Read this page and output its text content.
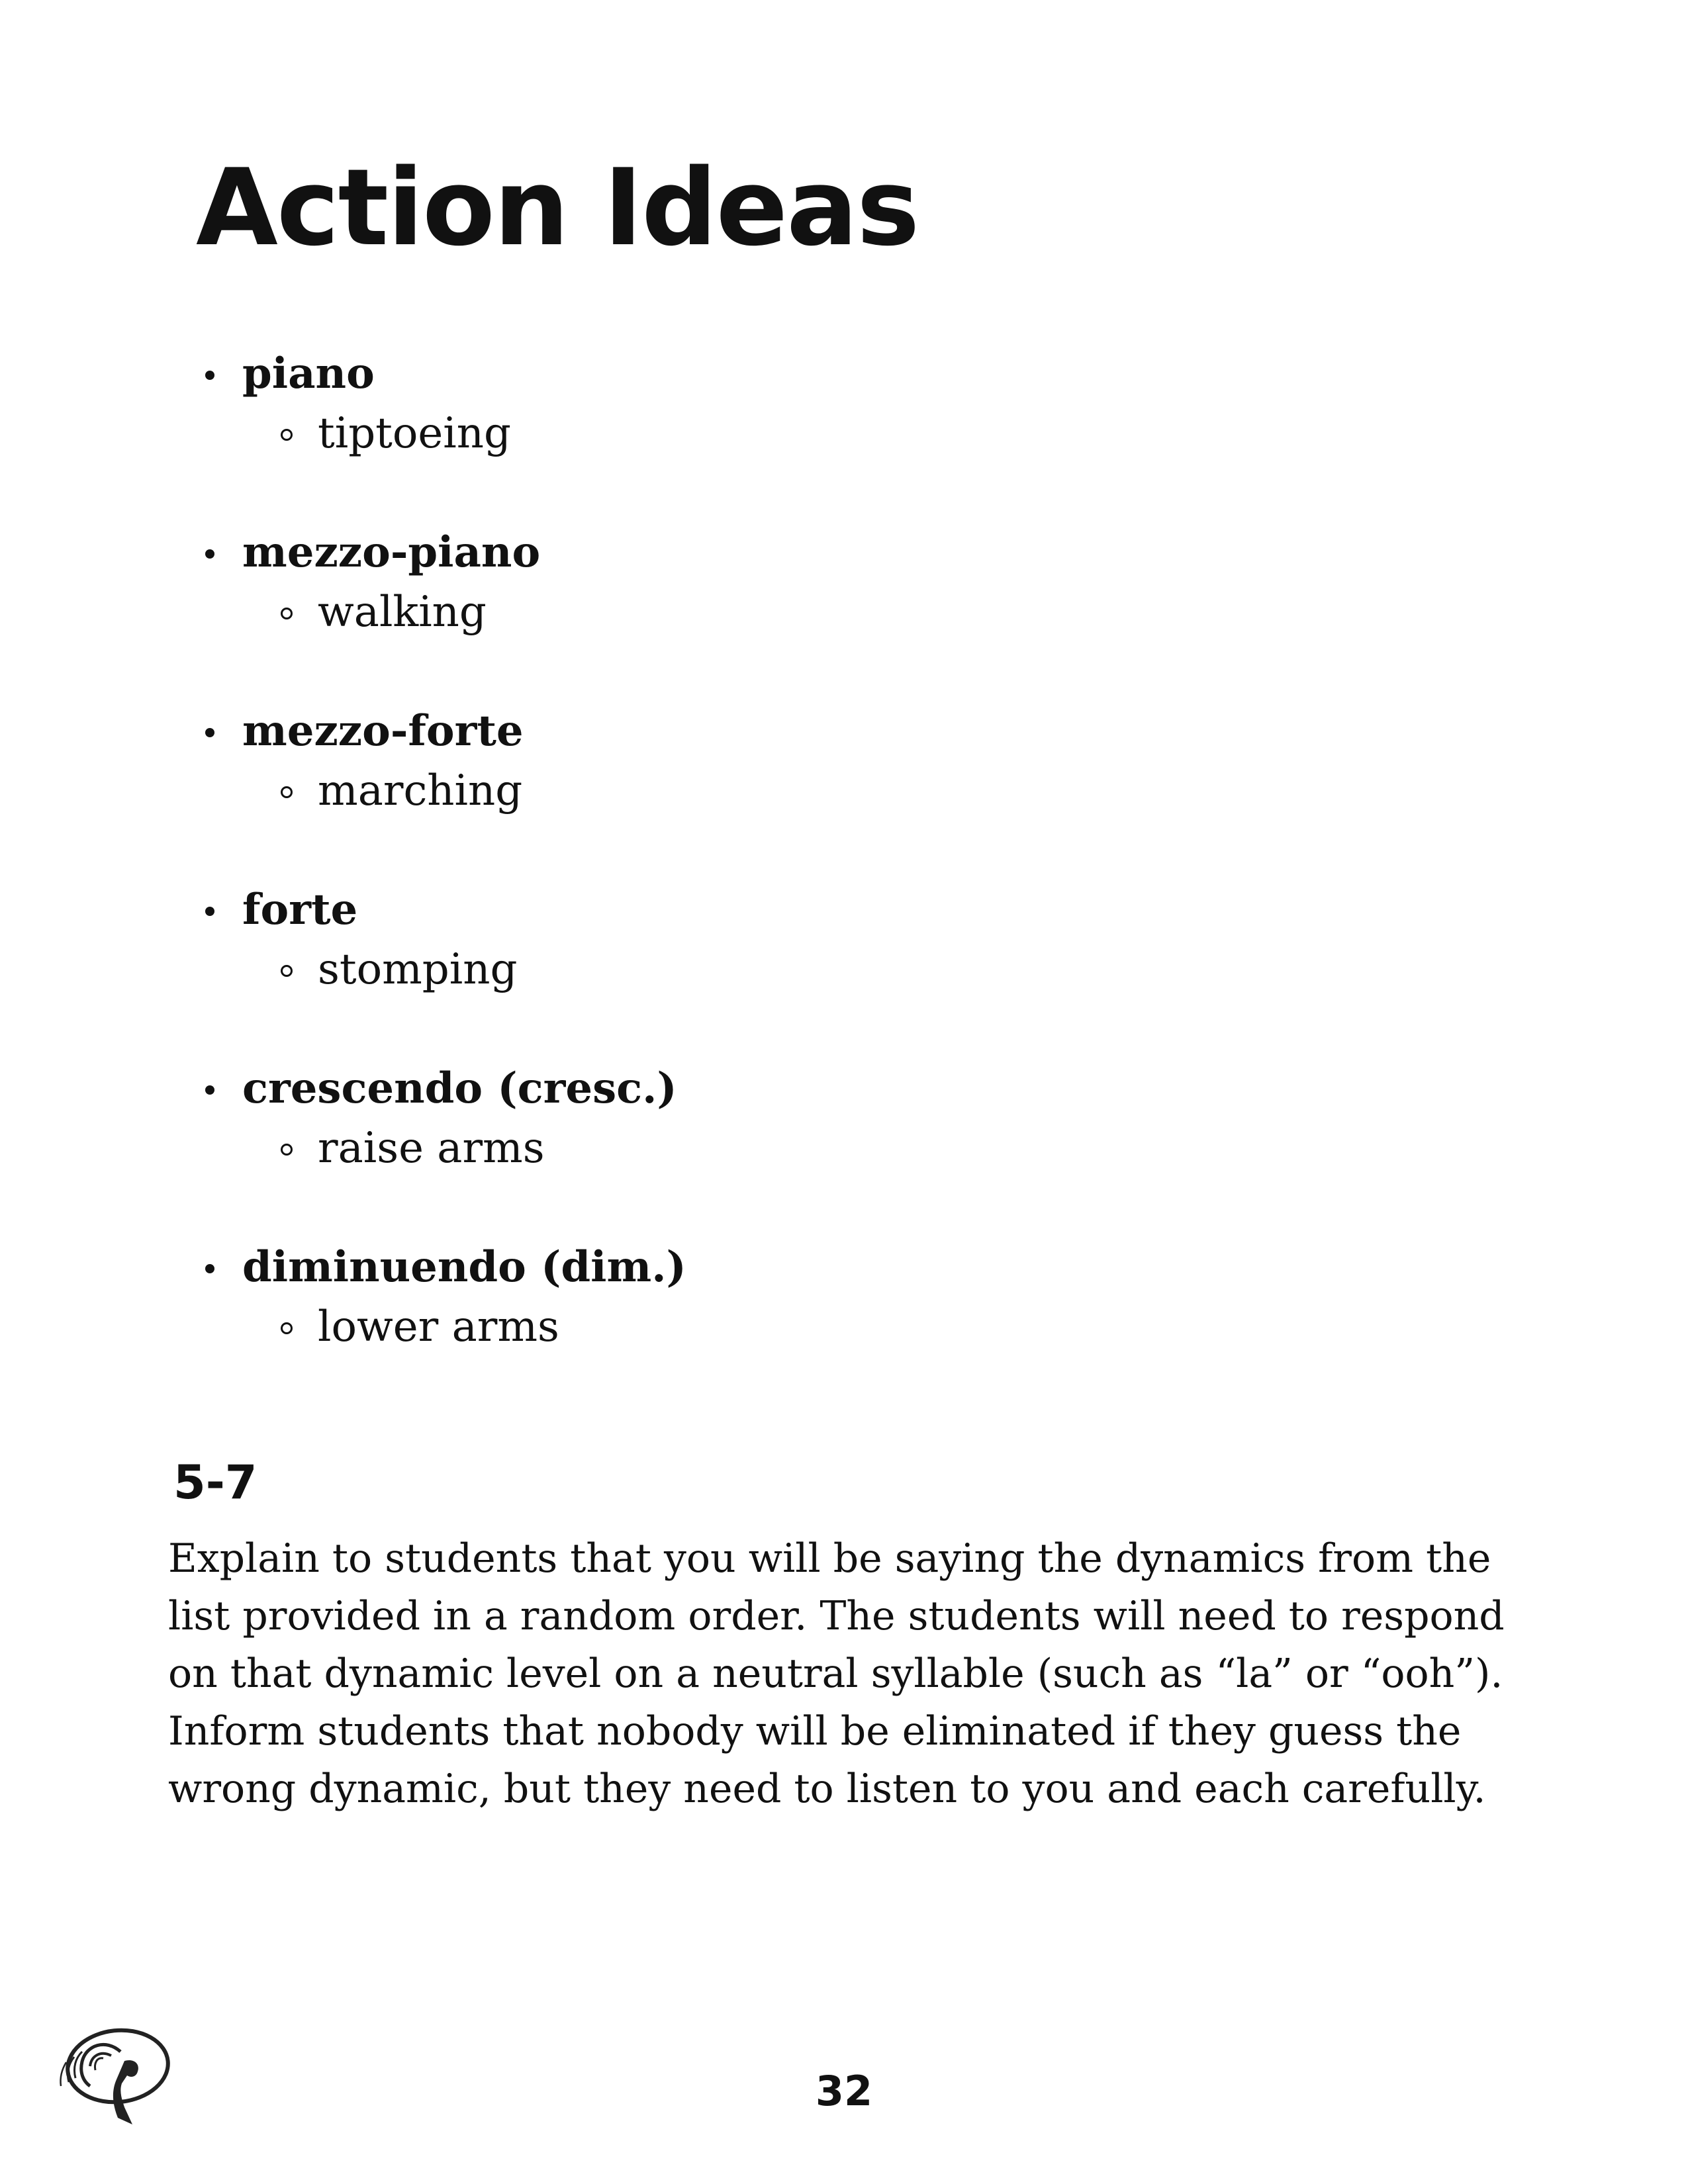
Action Ideas
piano
tiptoeing
mezzo-piano
walking
mezzo-forte
marching
forte
stomping
crescendo (cresc.)
raise arms
diminuendo (dim.)
lower arms
5-7

Explain to students that you will be saying the dynamics from the list provided in a random order. The students will need to respond on that dynamic level on a neutral syllable (such as “la” or “ooh”). Inform students that nobody will be eliminated if they guess the wrong dynamic, but they need to listen to you and each carefully.

32
